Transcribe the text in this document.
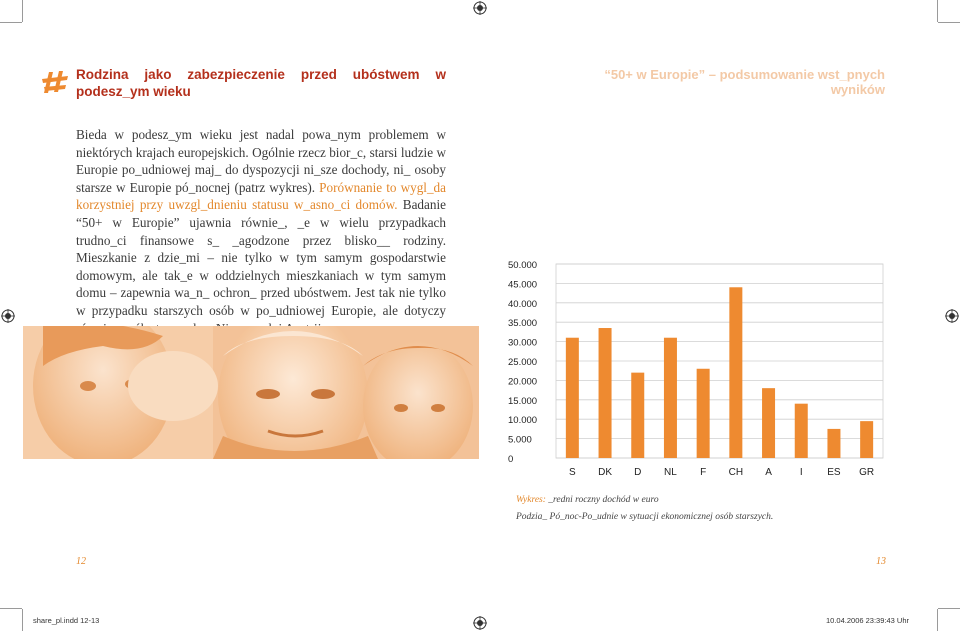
Rodzina jako zabezpieczenie przed ubóstwem w podesz_ym wieku
“50+ w Europie” – podsumowanie wst_pnych wyników

Bieda w podesz_ym wieku jest nadal powa_nym problemem w niektórych krajach europejskich. Ogólnie rzecz bior_c, starsi ludzie w Europie po_udniowej maj_ do dyspozycji ni_sze dochody, ni_ osoby starsze w Europie pó_nocnej (patrz wykres). Porównanie to wygl_da korzystniej przy uwzgl_dnieniu statusu w_asno_ci domów. Badanie “50+ w Europie” ujawnia równie_, _e w wielu przypadkach trudno_ci finansowe s_ _agodzone przez blisko__ rodziny. Mieszkanie z dzie_mi – nie tylko w tym samym gospodarstwie domowym, ale tak_e w oddzielnych mieszkaniach w tym samym domu – zapewnia wa_n_ ochron_ przed ubóstwem. Jest tak nie tylko w przypadku starszych osób w po_udniowej Europie, ale dotyczy

0
5.000
10.000
15.000
20.000
25.000
30.000
35.000
40.000
45.000
50.000
S DK D NL F CH A	I ES GR
Wykres: _redni roczny dochód w euro
Podzia_ Pó_noc-Po_udnie w sytuacji ekonomicznej osób starszych.
12	13
share_pl.indd 12-13	10.04.2006 23:39:43 Uhr
